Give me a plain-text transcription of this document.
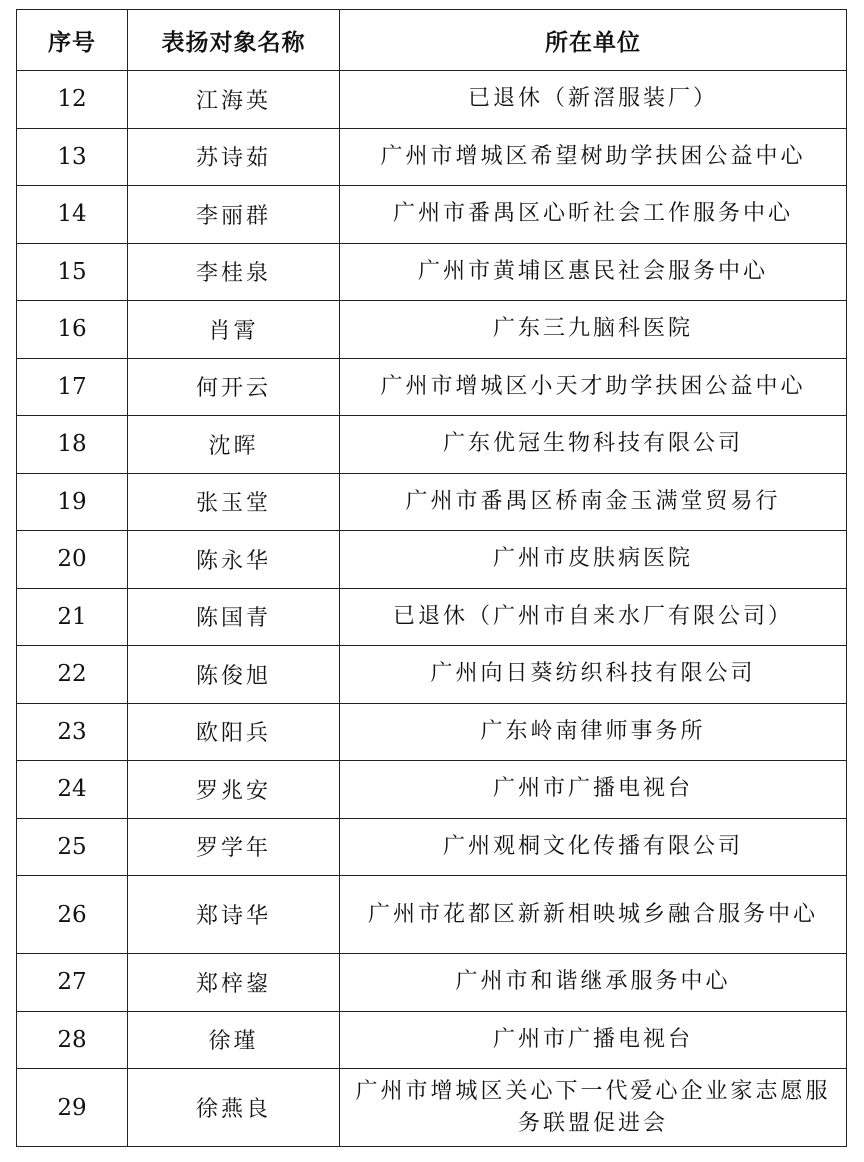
序号	表扬对象名称	所在单位
12	江海英	已退休（新滘服装厂）
13	苏诗茹	广州市增城区希望树助学扶困公益中心
14	李丽群	广州市番禺区心昕社会工作服务中心
15	李桂泉	广州市黄埔区惠民社会服务中心
16	肖霄	广东三九脑科医院
17	何开云	广州市增城区小天才助学扶困公益中心
18	沈晖	广东优冠生物科技有限公司
19	张玉堂	广州市番禺区桥南金玉满堂贸易行
20	陈永华	广州市皮肤病医院
21	陈国青	已退休（广州市自来水厂有限公司）
22	陈俊旭	广州向日葵纺织科技有限公司
23	欧阳兵	广东岭南律师事务所
24	罗兆安	广州市广播电视台
25	罗学年	广州观桐文化传播有限公司
26	郑诗华	广州市花都区新新相映城乡融合服务中心
27	郑梓鋆	广州市和谐继承服务中心
28	徐瑾	广州市广播电视台
29	徐燕良	广州市增城区关心下一代爱心企业家志愿服务联盟促进会
